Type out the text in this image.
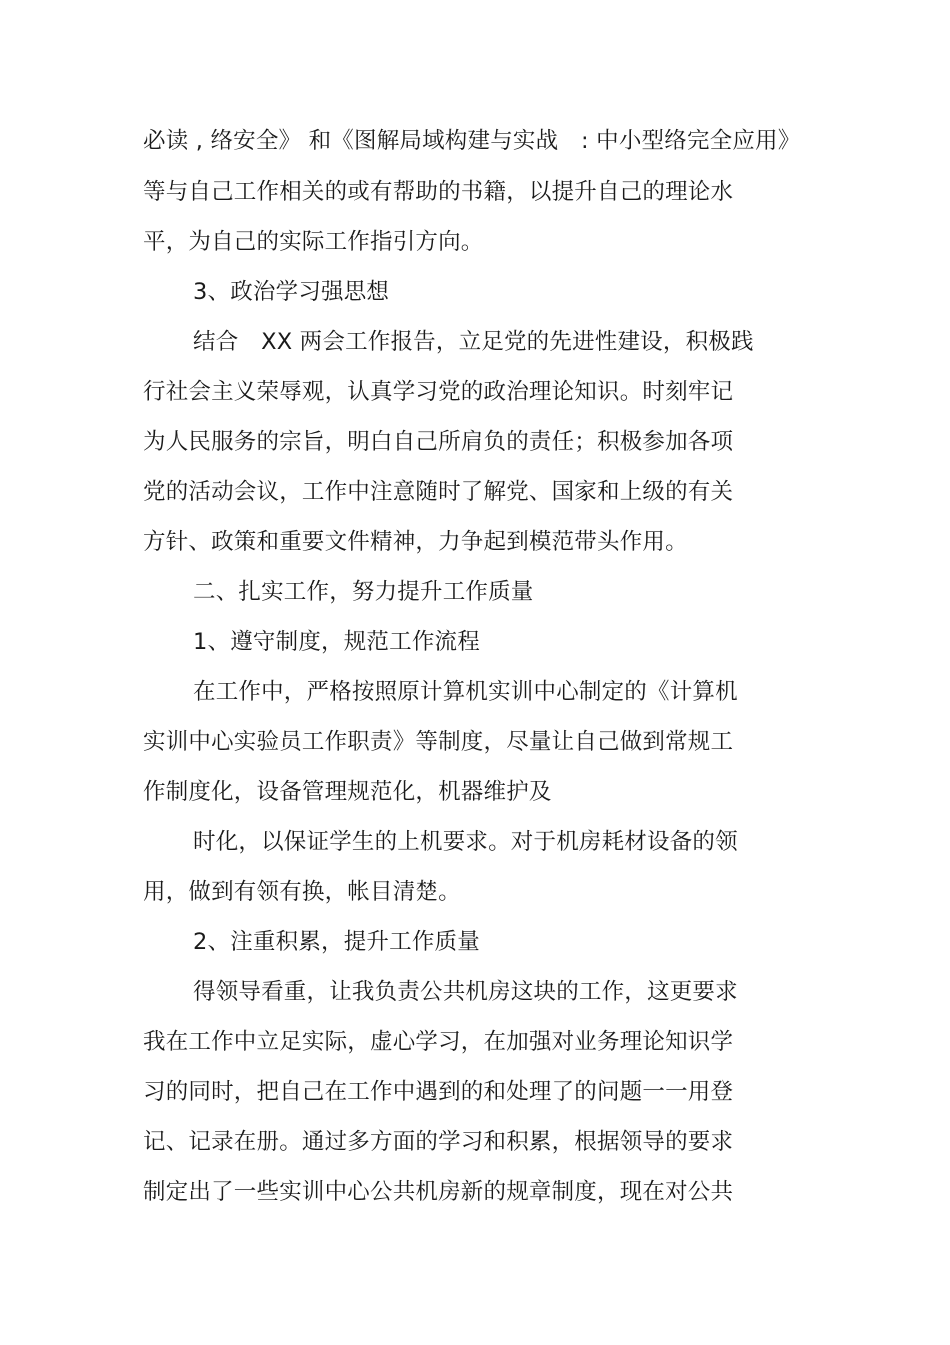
必读 , 络安全》 和《图解局域构建与实战　: 中小型络完全应用》
等与自己工作相关的或有帮助的书籍，以提升自己的理论水
平，为自己的实际工作指引方向。
3、政治学习强思想
结合　XX 两会工作报告，立足党的先进性建设，积极践
行社会主义荣辱观，认真学习党的政治理论知识。时刻牢记
为人民服务的宗旨，明白自己所肩负的责任；积极参加各项
党的活动会议，工作中注意随时了解党、国家和上级的有关
方针、政策和重要文件精神，力争起到模范带头作用。
二、扎实工作，努力提升工作质量
1、遵守制度，规范工作流程
在工作中，严格按照原计算机实训中心制定的《计算机
实训中心实验员工作职责》等制度，尽量让自己做到常规工
作制度化，设备管理规范化，机器维护及
时化，以保证学生的上机要求。对于机房耗材设备的领
用，做到有领有换，帐目清楚。
2、注重积累，提升工作质量
得领导看重，让我负责公共机房这块的工作，这更要求
我在工作中立足实际，虚心学习，在加强对业务理论知识学
习的同时，把自己在工作中遇到的和处理了的问题一一用登
记、记录在册。通过多方面的学习和积累，根据领导的要求
制定出了一些实训中心公共机房新的规章制度，现在对公共
